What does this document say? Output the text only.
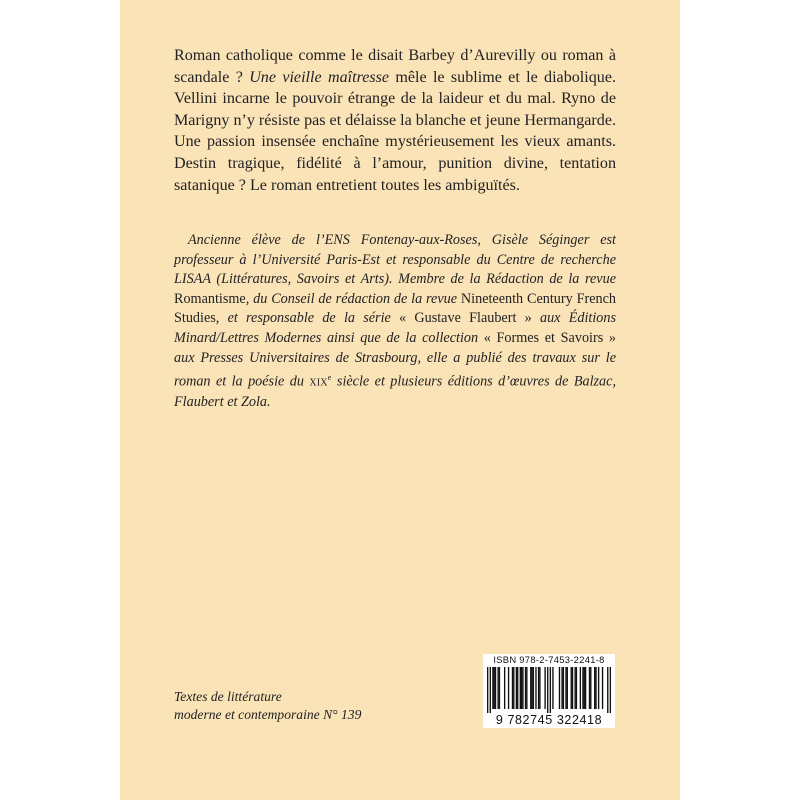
Roman catholique comme le disait Barbey d’Aurevilly ou roman à scandale ? Une vieille maîtresse mêle le sublime et le diabolique. Vellini incarne le pouvoir étrange de la laideur et du mal. Ryno de Marigny n’y résiste pas et délaisse la blanche et jeune Hermangarde. Une passion insensée enchaîne mystérieusement les vieux amants. Destin tragique, fidélité à l’amour, punition divine, tentation satanique ? Le roman entretient toutes les ambiguïtés.

Ancienne élève de l’ENS Fontenay-aux-Roses, Gisèle Séginger est professeur à l’Université Paris-Est et responsable du Centre de recherche LISAA (Littératures, Savoirs et Arts). Membre de la Rédaction de la revue Romantisme, du Conseil de rédaction de la revue Nineteenth Century French Studies, et responsable de la série « Gustave Flaubert » aux Éditions Minard/Lettres Modernes ainsi que de la collection « Formes et Savoirs » aux Presses Universitaires de Strasbourg, elle a publié des travaux sur le roman et la poésie du XIXe siècle et plusieurs éditions d’œuvres de Balzac, Flaubert et Zola.

Textes de littérature
moderne et contemporaine N° 139
ISBN 978-2-7453-2241-8
9 782745 322418
